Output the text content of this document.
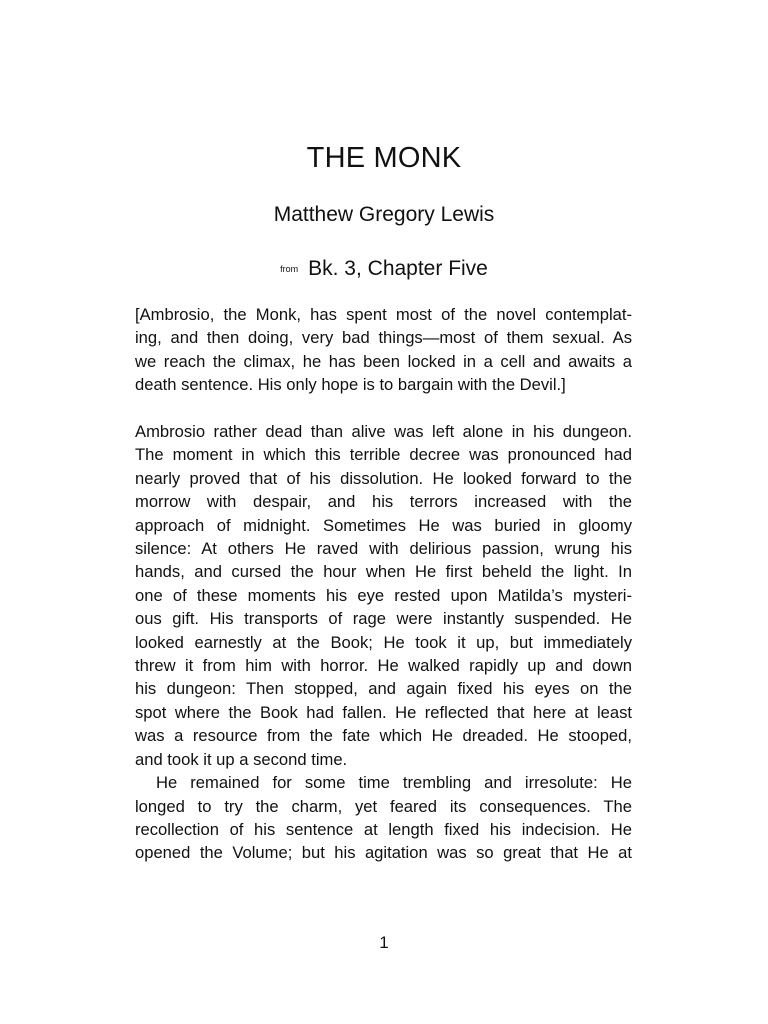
THE MONK
Matthew Gregory Lewis
from Bk. 3, Chapter Five
[Ambrosio, the Monk, has spent most of the novel contemplat-
ing, and then doing, very bad things—most of them sexual. As
we reach the climax, he has been locked in a cell and awaits a
death sentence. His only hope is to bargain with the Devil.]
Ambrosio rather dead than alive was left alone in his dungeon.
The moment in which this terrible decree was pronounced had
nearly proved that of his dissolution. He looked forward to the
morrow with despair, and his terrors increased with the
approach of midnight. Sometimes He was buried in gloomy
silence: At others He raved with delirious passion, wrung his
hands, and cursed the hour when He first beheld the light. In
one of these moments his eye rested upon Matilda’s mysteri-
ous gift. His transports of rage were instantly suspended. He
looked earnestly at the Book; He took it up, but immediately
threw it from him with horror. He walked rapidly up and down
his dungeon: Then stopped, and again fixed his eyes on the
spot where the Book had fallen. He reflected that here at least
was a resource from the fate which He dreaded. He stooped,
and took it up a second time.
He remained for some time trembling and irresolute: He
longed to try the charm, yet feared its consequences. The
recollection of his sentence at length fixed his indecision. He
opened the Volume; but his agitation was so great that He at
1
